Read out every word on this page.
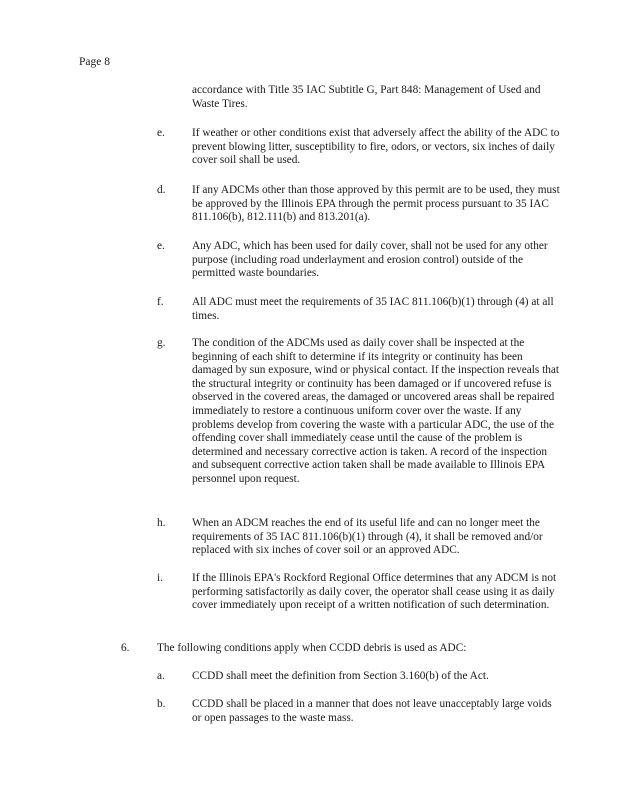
Page 8

accordance with Title 35 IAC Subtitle G, Part 848: Management of Used and Waste Tires.

e. If weather or other conditions exist that adversely affect the ability of the ADC to prevent blowing litter, susceptibility to fire, odors, or vectors, six inches of daily cover soil shall be used.

d. If any ADCMs other than those approved by this permit are to be used, they must be approved by the Illinois EPA through the permit process pursuant to 35 IAC 811.106(b), 812.111(b) and 813.201(a).

e. Any ADC, which has been used for daily cover, shall not be used for any other purpose (including road underlayment and erosion control) outside of the permitted waste boundaries.

f.	All ADC must meet the requirements of 35 IAC 811.106(b)(1) through (4) at all times.

g. The condition of the ADCMs used as daily cover shall be inspected at the beginning of each shift to determine if its integrity or continuity has been damaged by sun exposure, wind or physical contact. If the inspection reveals that the structural integrity or continuity has been damaged or if uncovered refuse is observed in the covered areas, the damaged or uncovered areas shall be repaired immediately to restore a continuous uniform cover over the waste. If any problems develop from covering the waste with a particular ADC, the use of the offending cover shall immediately cease until the cause of the problem is determined and necessary corrective action is taken. A record of the inspection and subsequent corrective action taken shall be made available to Illinois EPA personnel upon request.

h. When an ADCM reaches the end of its useful life and can no longer meet the requirements of 35 IAC 811.106(b)(1) through (4), it shall be removed and/or replaced with six inches of cover soil or an approved ADC.

i.	If the Illinois EPA's Rockford Regional Office determines that any ADCM is not performing satisfactorily as daily cover, the operator shall cease using it as daily cover immediately upon receipt of a written notification of such determination.

6. The following conditions apply when CCDD debris is used as ADC:

a. CCDD shall meet the definition from Section 3.160(b) of the Act.

b. CCDD shall be placed in a manner that does not leave unacceptably large voids or open passages to the waste mass.
